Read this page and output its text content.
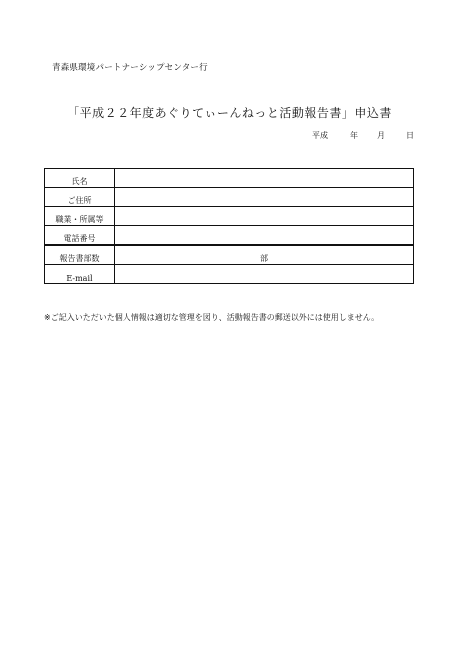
青森県環境パートナーシップセンター行
「平成２２年度あぐりてぃーんねっと活動報告書」申込書
平成	年 月	日
氏名	
ご住所	
職業・所属等	
電話番号	
報告書部数	部
E-mail	
※ご記入いただいた個人情報は適切な管理を図り、活動報告書の郵送以外には使用しません。
